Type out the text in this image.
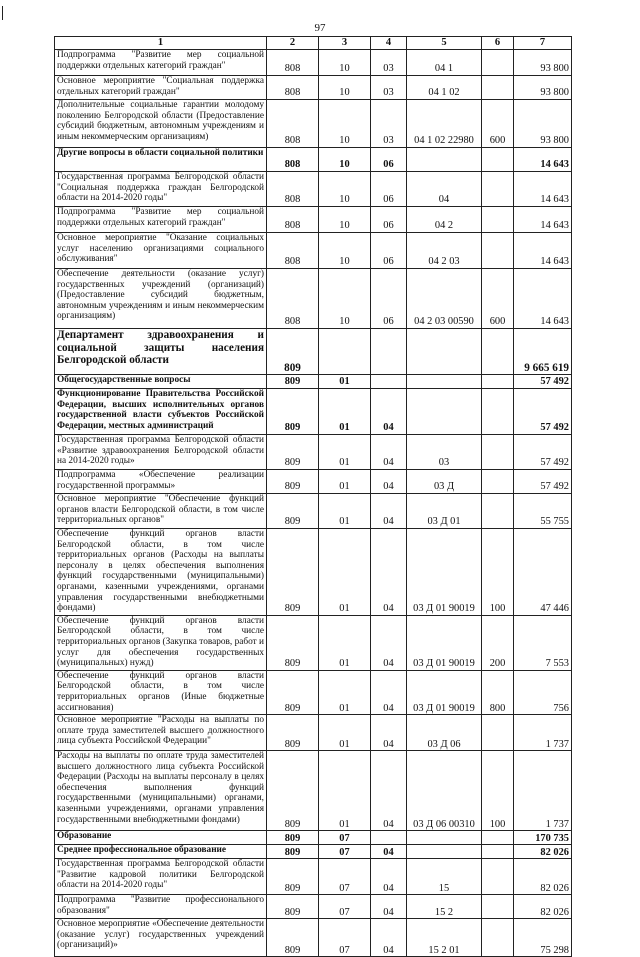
97
1	2	3	4	5	6	7
Подпрограмма "Развитие мер социальной поддержки отдельных категорий граждан"	808	10	03	04 1		93 800
Основное мероприятие "Социальная поддержка отдельных категорий граждан"	808	10	03	04 1 02		93 800
Дополнительные социальные гарантии молодому поколению Белгородской области (Предоставление субсидий бюджетным, автономным учреждениям и иным некоммерческим организациям)	808	10	03	04 1 02 22980	600	93 800
Другие вопросы в области социальной политики	808	10	06			14 643
Государственная программа Белгородской области "Социальная поддержка граждан Белгородской области на 2014-2020 годы"	808	10	06	04		14 643
Подпрограмма "Развитие мер социальной поддержки отдельных категорий граждан"	808	10	06	04 2		14 643
Основное мероприятие "Оказание социальных услуг населению организациями социального обслуживания"	808	10	06	04 2 03		14 643
Обеспечение деятельности (оказание услуг) государственных учреждений (организаций) (Предоставление субсидий бюджетным, автономным учреждениям и иным некоммерческим организациям)	808	10	06	04 2 03 00590	600	14 643
Департамент здравоохранения и социальной защиты населения Белгородской области	809					9 665 619
Общегосударственные вопросы	809	01				57 492
Функционирование Правительства Российской Федерации, высших исполнительных органов государственной власти субъектов Российской Федерации, местных администраций	809	01	04			57 492
Государственная программа Белгородской области «Развитие здравоохранения Белгородской области на 2014-2020 годы»	809	01	04	03		57 492
Подпрограмма «Обеспечение реализации государственной программы»	809	01	04	03 Д		57 492
Основное мероприятие "Обеспечение функций органов власти Белгородской области, в том числе территориальных органов"	809	01	04	03 Д 01		55 755
Обеспечение функций органов власти Белгородской области, в том числе территориальных органов (Расходы на выплаты персоналу в целях обеспечения выполнения функций государственными (муниципальными) органами, казенными учреждениями, органами управления государственными внебюджетными фондами)	809	01	04	03 Д 01 90019	100	47 446
Обеспечение функций органов власти Белгородской области, в том числе территориальных органов (Закупка товаров, работ и услуг для обеспечения государственных (муниципальных) нужд)	809	01	04	03 Д 01 90019	200	7 553
Обеспечение функций органов власти Белгородской области, в том числе территориальных органов (Иные бюджетные ассигнования)	809	01	04	03 Д 01 90019	800	756
Основное мероприятие "Расходы на выплаты по оплате труда заместителей высшего должностного лица субъекта Российской Федерации"	809	01	04	03 Д 06		1 737
Расходы на выплаты по оплате труда заместителей высшего должностного лица субъекта Российской Федерации (Расходы на выплаты персоналу в целях обеспечения выполнения функций государственными (муниципальными) органами, казенными учреждениями, органами управления государственными внебюджетными фондами)	809	01	04	03 Д 06 00310	100	1 737
Образование	809	07				170 735
Среднее профессиональное образование	809	07	04			82 026
Государственная программа Белгородской области "Развитие кадровой политики Белгородской области на 2014-2020 годы"	809	07	04	15		82 026
Подпрограмма "Развитие профессионального образования"	809	07	04	15 2		82 026
Основное мероприятие «Обеспечение деятельности (оказание услуг) государственных учреждений (организаций)»	809	07	04	15 2 01		75 298
